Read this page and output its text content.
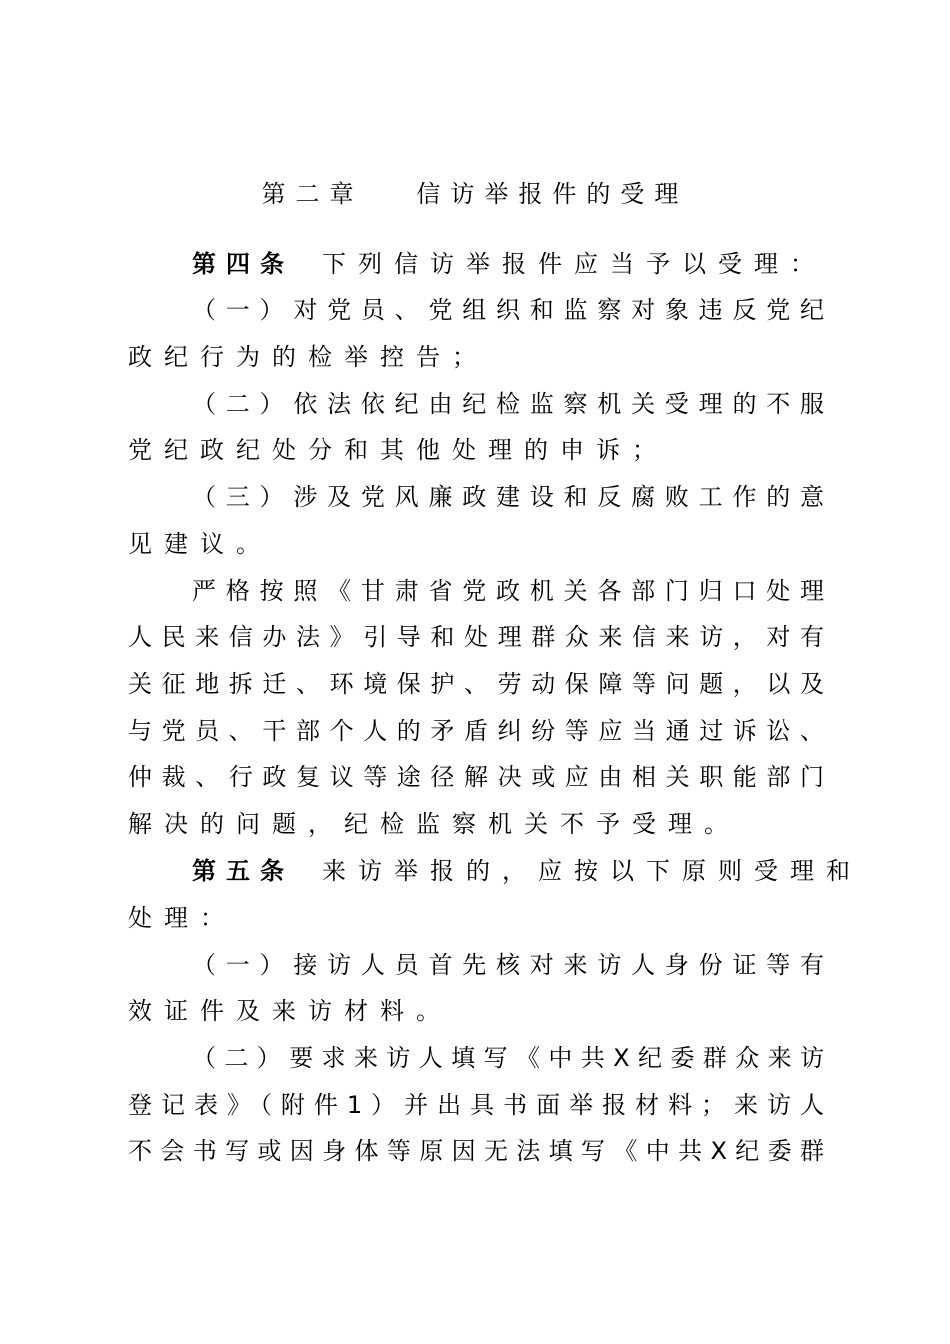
第二章   信访举报件的受理
第四条 下列信访举报件应当予以受理：
（一）对党员、党组织和监察对象违反党纪
政纪行为的检举控告；
（二）依法依纪由纪检监察机关受理的不服
党纪政纪处分和其他处理的申诉；
（三）涉及党风廉政建设和反腐败工作的意
见建议。
严格按照《甘肃省党政机关各部门归口处理
人民来信办法》引导和处理群众来信来访，对有
关征地拆迁、环境保护、劳动保障等问题，以及
与党员、干部个人的矛盾纠纷等应当通过诉讼、
仲裁、行政复议等途径解决或应由相关职能部门
解决的问题，纪检监察机关不予受理。
第五条 来访举报的，应按以下原则受理和
处理：
（一）接访人员首先核对来访人身份证等有
效证件及来访材料。
（二）要求来访人填写《中共X纪委群众来访
登记表》（附件1）并出具书面举报材料；来访人
不会书写或因身体等原因无法填写《中共X纪委群
